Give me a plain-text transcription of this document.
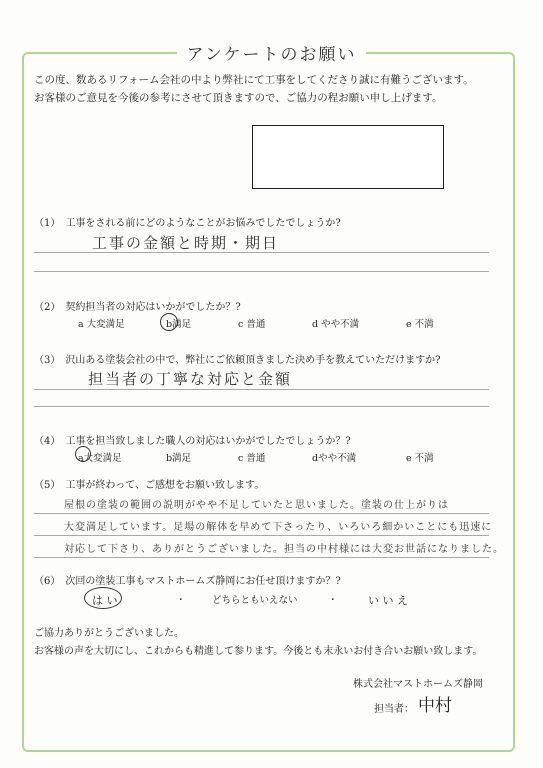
アンケートのお願い
この度、数あるリフォーム会社の中より弊社にて工事をしてくださり誠に有難うございます。
お客様のご意見を今後の参考にさせて頂きますので、ご協力の程お願い申し上げます。
（1）　工事をされる前にどのようなことがお悩みでしたでしょうか?
工事の金額と時期・期日
（2）　契約担当者の対応はいかがでしたか？?
a 大変満足	b満足	c 普通	d やや不満	e 不満
（3）　沢山ある塗装会社の中で、弊社にご依頼頂きました決め手を教えていただけますか?
担当者の丁寧な対応と金額
（4）　工事を担当致しました職人の対応はいかがでしたでしょうか？?
a大変満足	b満足	c 普通	dやや不満	e 不満
（5）　工事が終わって、ご感想をお願い致します。
屋根の塗装の範囲の説明がやや不足していたと思いました。塗装の仕上がりは
大変満足しています。足場の解体を早めて下さったり、いろいろ細かいことにも迅速に
対応して下さり、ありがとうございました。担当の中村様には大変お世話になりました。
（6）　次回の塗装工事もマストホームズ静岡にお任せ頂けますか？?
は い	・	どちらともいえない	・	い い え
ご協力ありがとうございました。
お客様の声を大切にし、これからも精進して参ります。今後とも末永いお付き合いお願い致します。
株式会社マストホームズ静岡
担当者： 中村
